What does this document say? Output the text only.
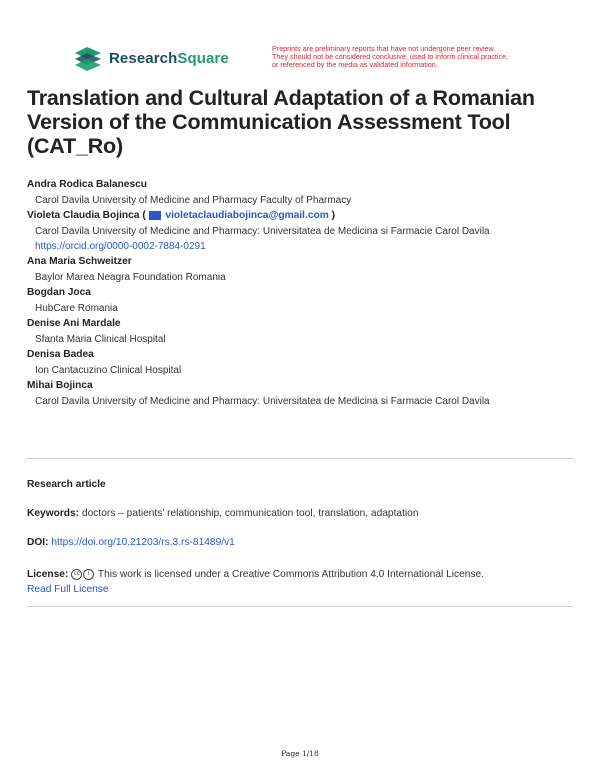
ResearchSquare
Preprints are preliminary reports that have not undergone peer review.
They should not be considered conclusive, used to inform clinical practice,
or referenced by the media as validated information.
Translation and Cultural Adaptation of a Romanian Version of the Communication Assessment Tool (CAT_Ro)
Andra Rodica Balanescu
Carol Davila University of Medicine and Pharmacy Faculty of Pharmacy
Violeta Claudia Bojinca ( violetaclaudiabojinca@gmail.com )
Carol Davila University of Medicine and Pharmacy: Universitatea de Medicina si Farmacie Carol Davila
https://orcid.org/0000-0002-7884-0291
Ana Maria Schweitzer
Baylor Marea Neagra Foundation Romania
Bogdan Joca
HubCare Romania
Denise Ani Mardale
Sfanta Maria Clinical Hospital
Denisa Badea
Ion Cantacuzino Clinical Hospital
Mihai Bojinca
Carol Davila University of Medicine and Pharmacy: Universitatea de Medicina si Farmacie Carol Davila
Research article
Keywords: doctors – patients’ relationship, communication tool, translation, adaptation
DOI: https://doi.org/10.21203/rs.3.rs-81489/v1
License: cc i This work is licensed under a Creative Commons Attribution 4.0 International License.
Read Full License
Page 1/18
